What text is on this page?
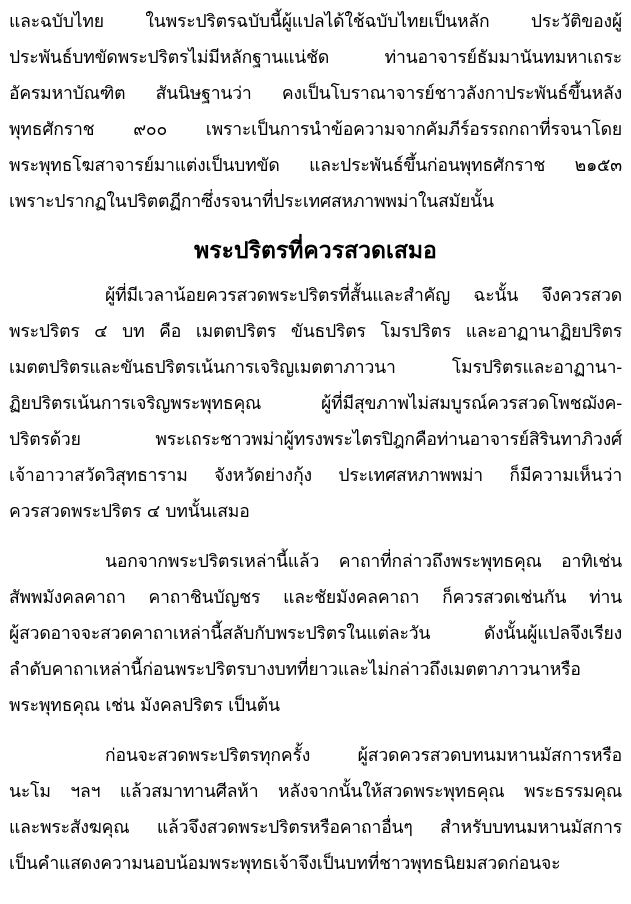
และฉบับไทย ในพระปริตรฉบับนี้ผู้แปลได้ใช้ฉบับไทยเป็นหลัก ประวัติของผู้
ประพันธ์บทขัดพระปริตรไม่มีหลักฐานแน่ชัด ท่านอาจารย์ธัมมานันทมหาเถระ
อัครมหาบัณฑิต สันนิษฐานว่า คงเป็นโบราณาจารย์ชาวลังกาประพันธ์ขึ้นหลัง
พุทธศักราช ๙๐๐ เพราะเป็นการนำข้อความจากคัมภีร์อรรถกถาที่รจนาโดย
พระพุทธโฆสาจารย์มาแต่งเป็นบทขัด และประพันธ์ขึ้นก่อนพุทธศักราช ๒๑๕๓
เพราะปรากฏในปริตตฏีกาซึ่งรจนาที่ประเทศสหภาพพม่าในสมัยนั้น
พระปริตรที่ควรสวดเสมอ
ผู้ที่มีเวลาน้อยควรสวดพระปริตรที่สั้นและสำคัญ ฉะนั้น จึงควรสวด
พระปริตร ๔ บท คือ เมตตปริตร ขันธปริตร โมรปริตร และอาฏานาฏิยปริตร
เมตตปริตรและขันธปริตรเน้นการเจริญเมตตาภาวนา โมรปริตรและอาฏานา-
ฏิยปริตรเน้นการเจริญพระพุทธคุณ ผู้ที่มีสุขภาพไม่สมบูรณ์ควรสวดโพชฌังค-
ปริตรด้วย พระเถระชาวพม่าผู้ทรงพระไตรปิฎกคือท่านอาจารย์สิรินทาภิวงศ์
เจ้าอาวาสวัดวิสุทธาราม จังหวัดย่างกุ้ง ประเทศสหภาพพม่า ก็มีความเห็นว่า
ควรสวดพระปริตร ๔ บทนั้นเสมอ
นอกจากพระปริตรเหล่านี้แล้ว คาถาที่กล่าวถึงพระพุทธคุณ อาทิเช่น
สัพพมังคลคาถา คาถาชินบัญชร และชัยมังคลคาถา ก็ควรสวดเช่นกัน ท่าน
ผู้สวดอาจจะสวดคาถาเหล่านี้สลับกับพระปริตรในแต่ละวัน ดังนั้นผู้แปลจึงเรียง
ลำดับคาถาเหล่านี้ก่อนพระปริตรบางบทที่ยาวและไม่กล่าวถึงเมตตาภาวนาหรือ
พระพุทธคุณ เช่น มังคลปริตร เป็นต้น
ก่อนจะสวดพระปริตรทุกครั้ง ผู้สวดควรสวดบทนมหานมัสการหรือ
นะโม ฯลฯ แล้วสมาทานศีลห้า หลังจากนั้นให้สวดพระพุทธคุณ พระธรรมคุณ
และพระสังฆคุณ แล้วจึงสวดพระปริตรหรือคาถาอื่นๆ สำหรับบทนมหานมัสการ
เป็นคำแสดงความนอบน้อมพระพุทธเจ้าจึงเป็นบทที่ชาวพุทธนิยมสวดก่อนจะ
